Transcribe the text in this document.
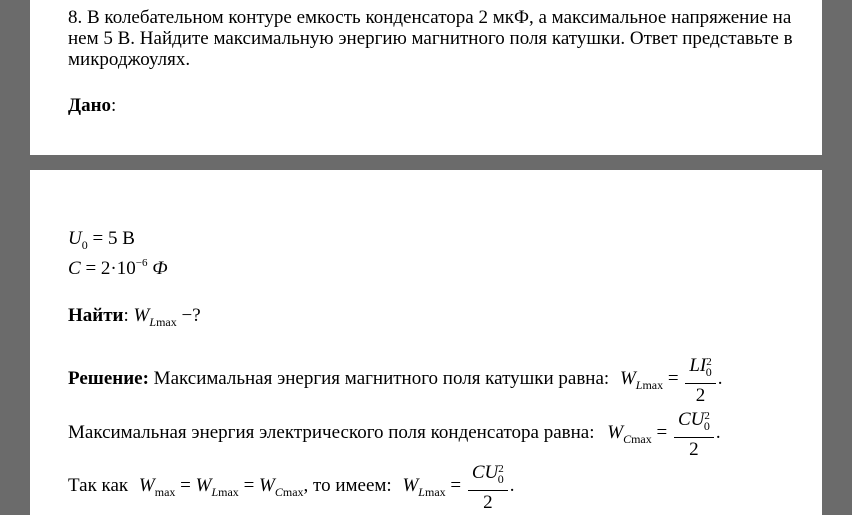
8. В колебательном контуре емкость конденсатора 2 мкФ, а максимальное напряжение на нем 5 В. Найдите максимальную энергию магнитного поля катушки. Ответ представьте в микроджоулях.
Дано:
$U_0 = 5$ В
$C = 2\cdot 10^{-6}$ Ф
Найти: $W_{Lmax}$ −?
Решение: Максимальная энергия магнитного поля катушки равна: $W_{Lmax} = \frac{LI^2_0}{2}$ .
Максимальная энергия электрического поля конденсатора равна: $W_{Cmax} = \frac{CU^2_0}{2}$ .
Так как $W_{max} = W_{Lmax} = W_{Cmax}$, то имеем: $W_{Lmax} = \frac{CU^2_0}{2}$ .
